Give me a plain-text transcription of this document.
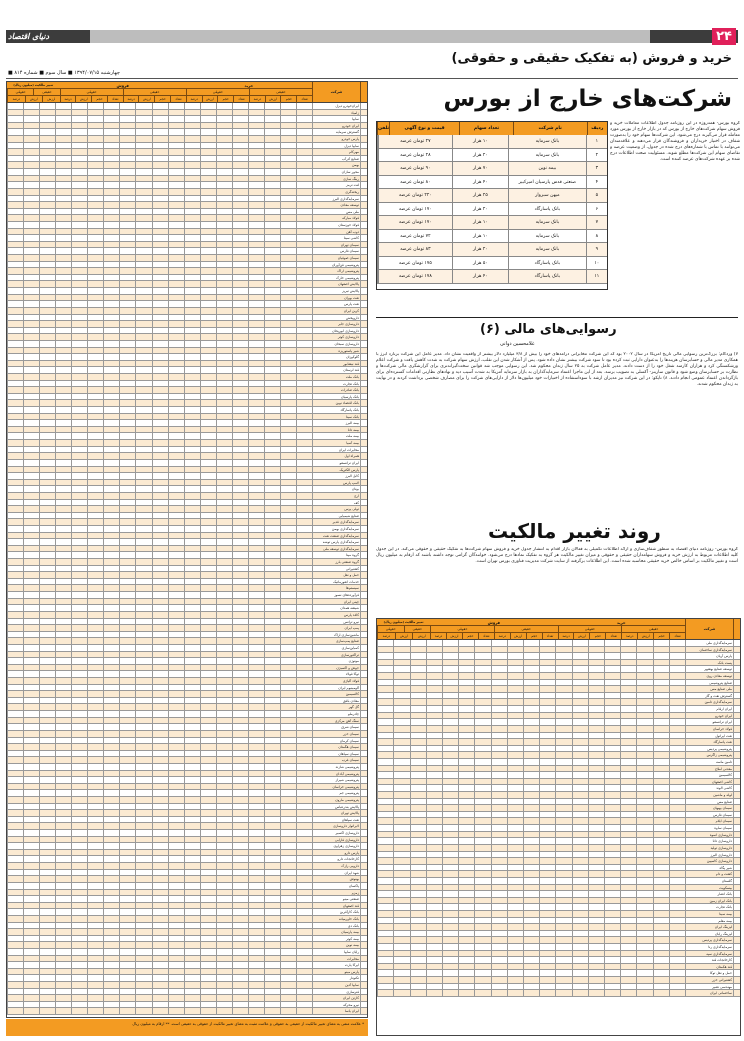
دنیای اقتصاد	۲۴
خرید و فروش (به تفکیک حقیقی و حقوقی)
■ چهارشنبه ۱۳۹۴/۰۷/۱۵ ■ سال سوم ■ شماره ۸۱۴
شرکت
خرید
حقیقی
حقوقی
تعداد
حجم
ارزش
درصد
تعداد
حجم
ارزش
درصد
فروش
حقیقی
حقوقی
تعداد
حجم
ارزش
درصد
تعداد
حجم
ارزش
درصد
تغییر مالکیت (میلیون ریال)
حقیقی
حقوقی
ارزش
ارزش
درصد
ایران‌خودرو دیزل
زامیاد
سایپا
ایران خودرو
گسترش سرمایه
پارس خودرو
سایپا دیزل
مهرکام
صنایع آذرآب
بهمن
محور سازان
رینگ سازی
لنت ترمز
ریخته‌گری
سرمایه‌گذاری البرز
توسعه معادن
ملی مس
فولاد مبارکه
فولاد خوزستان
ذوب آهن
کاشی سینا
سیمان تهران
سیمان فارس
سیمان صوفیان
پتروشیمی فن‌آوران
پتروشیمی اراک
پتروشیمی خارک
پالایش اصفهان
پالایش تبریز
نفت بهران
نفت پارس
کربن ایران
داروپخش
داروسازی جابر
داروسازی ابوریحان
داروسازی کوثر
داروسازی سبحان
شیر پاستوریزه
گلوکوزان
قند نیشابور
قند لرستان
بانک ملت
بانک تجارت
بانک صادرات
بانک پارسیان
بانک اقتصاد نوین
بانک پاسارگاد
بانک سینا
بیمه البرز
بیمه دانا
بیمه ملت
بیمه آسیا
مخابرات ایران
همراه اول
ایران ترانسفو
پارس الکتریک
کابل البرز
لامپ پارس
بوتان
ارج
کف
تولی پرس
صنایع شیمیایی
سرمایه‌گذاری غدیر
سرمایه‌گذاری بهمن
سرمایه‌گذاری صنعت نفت
سرمایه‌گذاری پارس توشه
سرمایه‌گذاری توسعه ملی
گروه مپنا
گروه صنعتی بارز
کشتیرانی
حمل و نقل
خدمات انفورماتیک
سیستم‌ها
فرآورده‌های نسوز
چینی ایران
شیشه همدان
کاغذ پارس
نیرو ترانس
پمپ ایران
ماشین‌سازی اراک
صنایع پمپ‌سازی
کمباین‌سازی
تراکتورسازی
موتوژن
جوش و اکسیژن
توکا فولاد
فولاد آلیاژی
آلومینیوم ایران
کالسیمین
معادن بافق
گل گهر
چادرملو
سنگ آهن مرکزی
سیمان شرق
سیمان خزر
سیمان کرمان
سیمان هگمتان
سیمان سپاهان
سیمان غرب
پتروشیمی شازند
پتروشیمی آبادان
پتروشیمی شیراز
پتروشیمی خراسان
پتروشیمی جم
پتروشیمی مارون
پالایش بندرعباس
پالایش تهران
نفت سپاهان
لابراتوار داروسازی
داروسازی اکسیر
داروسازی فارابی
داروسازی زهراوی
پارس دارو
کارخانجات دارو
دارویی رازک
شهد ایران
بهنوش
پاکسان
زمزم
صنعتی مینو
قند اصفهان
بانک کارآفرین
بانک خاورمیانه
بانک دی
بیمه پارسیان
بیمه کوثر
بیمه نوین
رایان سایپا
مخابرات
ایرکا پارت
پارس مینو
تکنوتار
سایپا آذین
فنرسازی
کارتن ایران
نیرو محرکه
ایران یاسا
* علامت منفی به معنای تغییر مالکیت از حقیقی به حقوقی و علامت مثبت به معنای تغییر مالکیت از حقوقی به حقیقی است. ** ارقام به میلیون ریال
شرکت‌های خارج از بورس
گروه بورس- همه‌روزه در این روزنامه جدول اطلاعات معاملات خرید و فروش سهام شرکت‌های خارج از بورس که در بازار خارج از بورس مورد معامله قرار می‌گیرند درج می‌شود. این شرکت‌ها سهام خود را به‌صورت شفاف در اختیار خریداران و فروشندگان قرار می‌دهند و علاقه‌مندان می‌توانند با تماس با شماره‌های درج شده در جدول، از وضعیت عرضه و تقاضای سهام این شرکت‌ها مطلع شوند. مسئولیت صحت اطلاعات درج شده بر عهده شرکت‌های عرضه کننده است.
ردیف
نام شرکت
تعداد سهام
قیمت و نوع آگهی
تلفن
۱
بانک سرمایه
۱۰ هزار
۲۷ تومان عرضه
۲
بانک سرمایه
۲۰ هزار
۲۸ تومان عرضه
۳
بیمه نوین
۷۰ هزار
۹۰ تومان عرضه
۴
صنعتی قدس پارسیان امیرکبیر
۴۰ هزار
۸۰ تومان عرضه
۵
میهن سبزوار
۲۵ هزار
۲۲۰ تومان عرضه
۶
بانک پاسارگاد
۲۰ هزار
۱۷۰ تومان عرضه
۷
بانک سرمایه
۱۰ هزار
۱۷۰ تومان عرضه
۸
بانک سرمایه
۱۰ هزار
۷۲ تومان عرضه
۹
بانک سرمایه
۲۰ هزار
۸۳ تومان عرضه
۱۰
بانک پاسارگاد
۵۰ هزار
۱۷۵ تومان عرضه
۱۱
بانک پاسارگاد
۴۰ هزار
۱۷۸ تومان عرضه
رسوایی‌های مالی (۶)
غلامحسین دوانی
۷) وردکام: بزرگ‌ترین رسوایی مالی تاریخ آمریکا در سال ۲۰۰۲ بود که این شرکت مخابراتی درآمدهای خود را بیش از ۳/۸ میلیارد دلار بیشتر از واقعیت نشان داد. مدیر عامل این شرکت برنارد ابرز با همکاری مدیر مالی و حسابرسان هزینه‌ها را به‌عنوان دارایی ثبت کرده بود تا سود شرکت بیشتر نشان داده شود. پس از آشکار شدن این تقلب، ارزش سهام شرکت به شدت کاهش یافت و شرکت اعلام ورشکستگی کرد و هزاران کارمند شغل خود را از دست دادند. مدیر عامل شرکت به ۲۵ سال زندان محکوم شد. این رسوایی موجب شد قوانین سخت‌گیرانه‌تری برای گزارشگری مالی شرکت‌ها و نظارت بر حسابرسان وضع شود و قانون ساربنز- آکسلی به تصویب برسد. بعد از این ماجرا اعتماد سرمایه‌گذاران به بازار سرمایه آمریکا به شدت آسیب دید و نهادهای نظارتی اقدامات گسترده‌ای برای بازگرداندن اعتماد عمومی انجام دادند. ۸) تایکو: در این شرکت نیز مدیران ارشد با سوءاستفاده از اختیارات خود میلیون‌ها دلار از دارایی‌های شرکت را برای مصارف شخصی برداشت کردند و در نهایت به زندان محکوم شدند.
روند تغییر مالکیت
گروه بورس- روزنامه دنیای اقتصاد به منظور شفاف‌سازی و ارائه اطلاعات تکمیلی به فعالان بازار اقدام به انتشار جدول خرید و فروش سهام شرکت‌ها به تفکیک حقیقی و حقوقی می‌کند. در این جدول کلیه اطلاعات مربوط به ارزش خرید و فروش سهامداران حقیقی و حقوقی و میزان تغییر مالکیت هر گروه به تفکیک نمادها درج می‌شود. خوانندگان گرامی توجه داشته باشند که ارقام به میلیون ریال است و تغییر مالکیت بر اساس خالص خرید حقیقی محاسبه شده است. این اطلاعات برگرفته از سایت شرکت مدیریت فناوری بورس تهران است.
شرکت
خرید
حقیقی
حقوقی
تعداد
حجم
ارزش
درصد
تعداد
حجم
ارزش
درصد
فروش
حقیقی
حقوقی
تعداد
حجم
ارزش
درصد
تعداد
حجم
ارزش
درصد
تغییر مالکیت (میلیون ریال)
حقیقی
حقوقی
ارزش
ارزش
درصد
سرمایه‌گذاری ملی
سرمایه‌گذاری ساختمان
پارس‌ آریان
پست بانک
توسعه صنایع بهشهر
توسعه معادن روی
صنایع پتروشیمی
ملی صنایع مس
گسترش نفت و گاز
سرمایه‌گذاری تامین
ایران ارقام
ایران خودرو
ایران ترانسفو
فولاد خراسان
نفت ایرانول
نفت پاسارگاد
پتروشیمی پردیس
پتروشیمی زاگرس
تامین ماسه
معدنی املاح
کالسیمین
کاشی اصفهان
کاشی الوند
لوله و ماشین
صنایع مس
سیمان بهبهان
سیمان فارس
سیمان ایلام
سیمان ساوه
داروسازی اسوه
داروسازی دانا
داروسازی تولید
داروسازی البرز
داروسازی کاسپین
شیر پگاه
کشت و دام
گلستان
بیسکویت
بانک انصار
بانک ایران زمین
بانک تجارت
بیمه سینا
بیمه معلم
لیزینگ ایران
لیزینگ رایان
سرمایه‌گذاری پردیس
سرمایه‌گذاری رنا
سرمایه‌گذاری سپه
کارخانجات قند
قند هکمتان
حمل و نقل توکا
کشتیرانی خزر
مهندسی نصیر
ساختمانی ایران
